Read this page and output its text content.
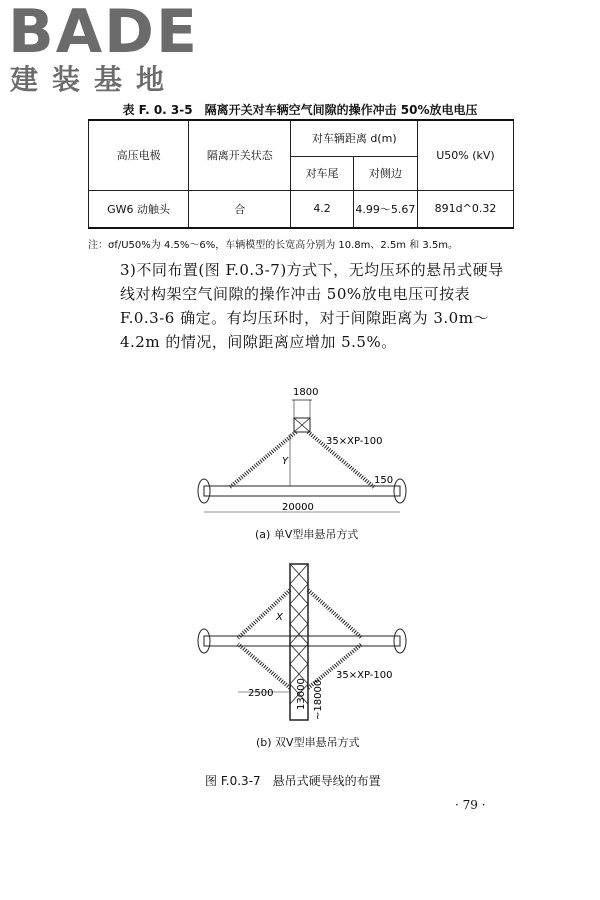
BADE
建装基地
表 F. 0. 3-5　隔离开关对车辆空气间隙的操作冲击 50%放电电压
高压电极	隔离开关状态	对车辆距离 d(m)		U50% (kV)
		对车尾	对侧边	
GW6 动触头	合	4.2	4.99～5.67	891d^0.32
注：σf/U50%为 4.5%～6%，车辆模型的长宽高分别为 10.8m、2.5m 和 3.5m。

3)不同布置(图 F.0.3-7)方式下，无均压环的悬吊式硬导

线对构架空气间隙的操作冲击 50%放电电压可按表

F.0.3-6 确定。有均压环时，对于间隙距离为 3.0m～

4.2m 的情况，间隙距离应增加 5.5%。

1800
35×XP-100
Y
150
20000
(a) 单V型串悬吊方式
X
35×XP-100
2500 13000 ~18000
(b) 双V型串悬吊方式
图 F.0.3-7　悬吊式硬导线的布置
· 79 ·
